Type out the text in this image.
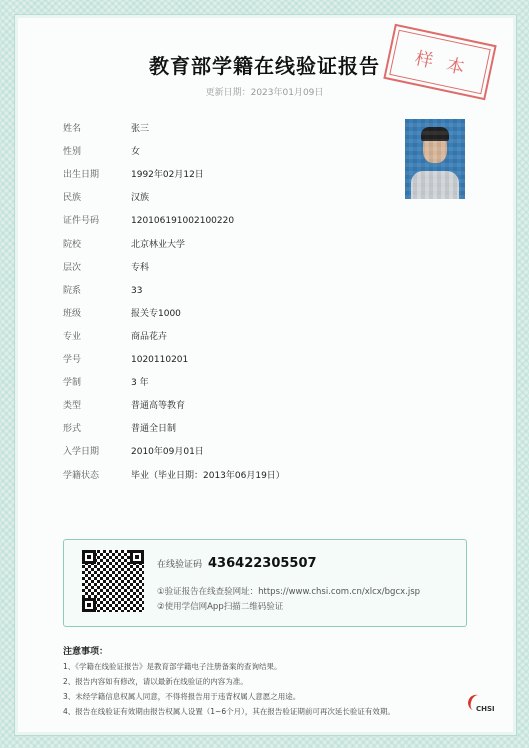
教育部学籍在线验证报告
更新日期：2023年01月09日
样本
姓名	张三
性别	女
出生日期	1992年02月12日
民族	汉族
证件号码	120106191002100220
院校	北京林业大学
层次	专科
院系	33
班级	报关专1000
专业	商品花卉
学号	1020110201
学制	3 年
类型	普通高等教育
形式	普通全日制
入学日期	2010年09月01日
学籍状态	毕业（毕业日期：2013年06月19日）
在线验证码 436422305507
①验证报告在线查验网址：https://www.chsi.com.cn/xlcx/bgcx.jsp
②使用学信网App扫描二维码验证
注意事项：
1、《学籍在线验证报告》是教育部学籍电子注册备案的查询结果。
2、报告内容如有修改，请以最新在线验证的内容为准。
3、未经学籍信息权属人同意，不得将报告用于违背权属人意愿之用途。
4、报告在线验证有效期由报告权属人设置（1~6个月），其在报告验证期前可再次延长验证有效期。	CHSI
